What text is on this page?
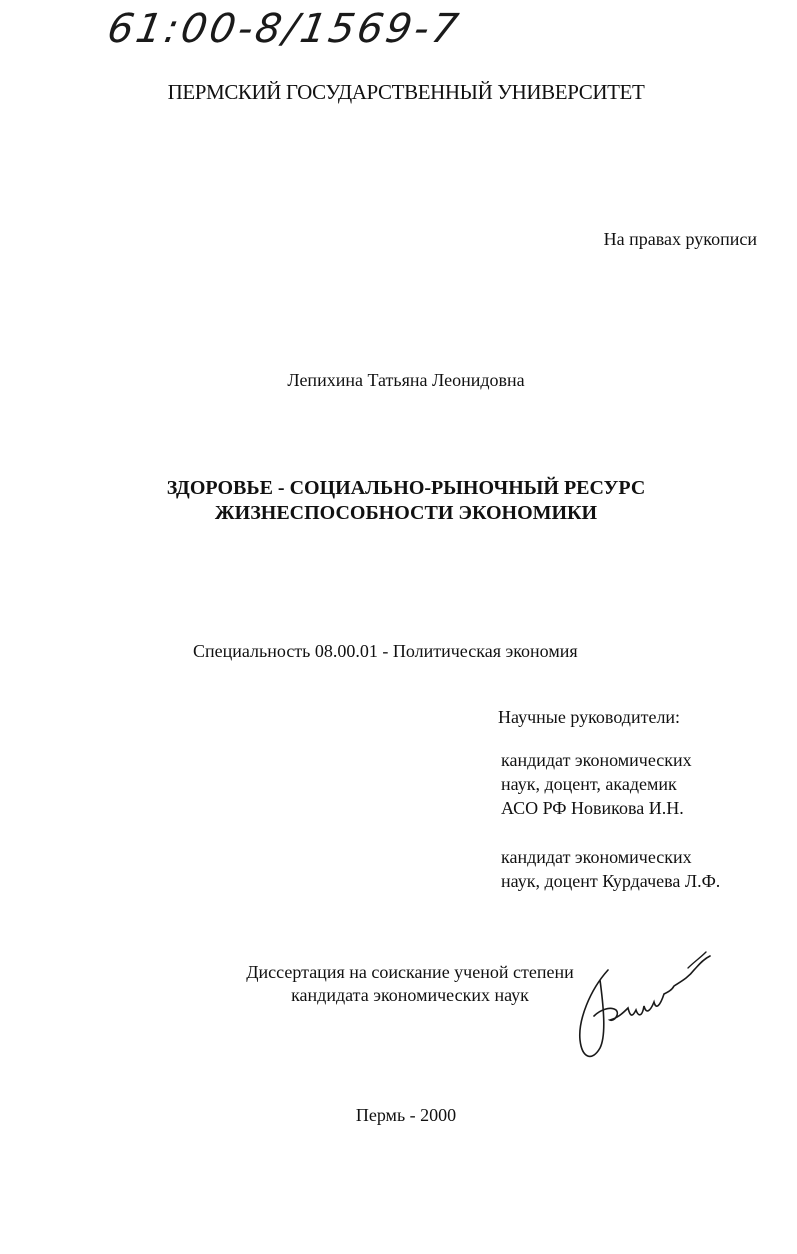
61:00-8/1569-7
ПЕРМСКИЙ ГОСУДАРСТВЕННЫЙ УНИВЕРСИТЕТ
На правах рукописи
Лепихина Татьяна Леонидовна
ЗДОРОВЬЕ - СОЦИАЛЬНО-РЫНОЧНЫЙ РЕСУРС
ЖИЗНЕСПОСОБНОСТИ ЭКОНОМИКИ
Специальность 08.00.01 - Политическая экономия
Научные руководители:
кандидат экономических
наук, доцент, академик
АСО РФ Новикова И.Н.
кандидат экономических
наук, доцент Курдачева Л.Ф.
Диссертация на соискание ученой степени
кандидата экономических наук
Пермь - 2000
